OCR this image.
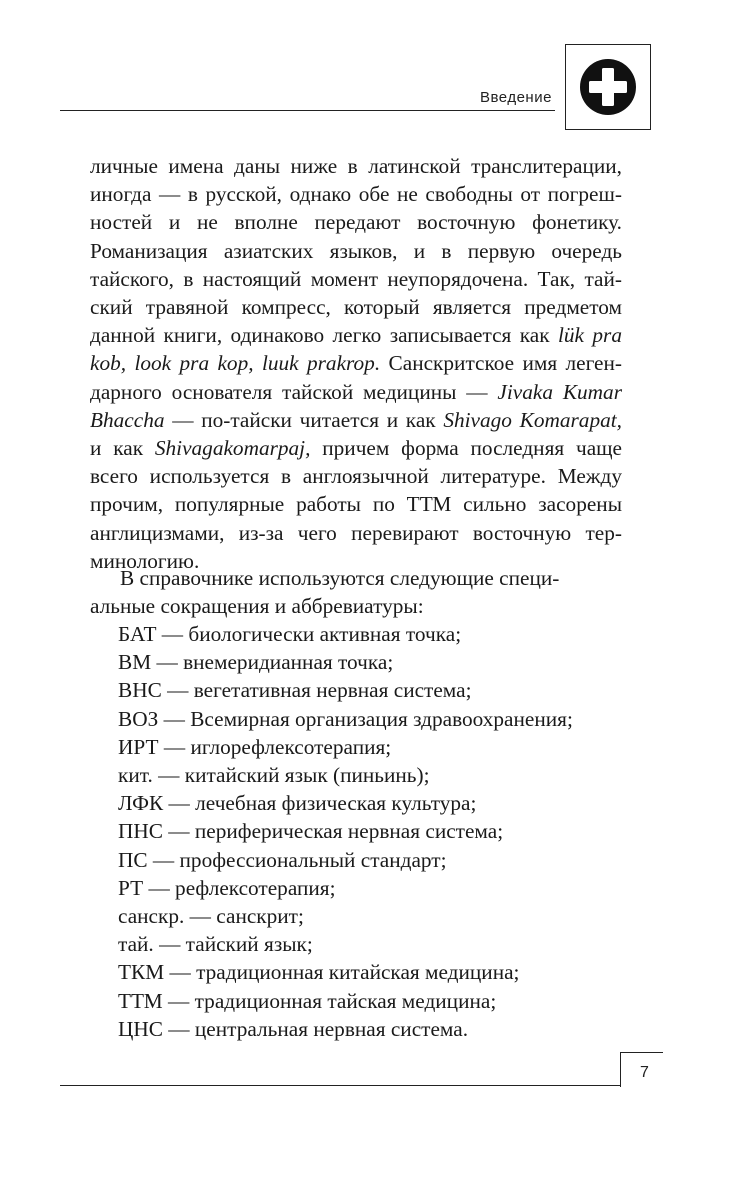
Введение
личные имена даны ниже в латинской транслитерации,
иногда — в русской, однако обе не свободны от погреш-
ностей и не вполне передают восточную фонетику.
Романизация азиатских языков, и в первую очередь
тайского, в настоящий момент неупорядочена. Так, тай-
ский травяной компресс, который является предметом
данной книги, одинаково легко записывается как lük pra
kob, look pra kop, luuk prakrop. Санскритское имя леген-
дарного основателя тайской медицины — Jivaka Kumar
Bhaccha — по-тайски читается и как Shivago Komarapat,
и как Shivagakomarpaj, причем форма последняя чаще
всего используется в англоязычной литературе. Между
прочим, популярные работы по ТТМ сильно засорены
англицизмами, из-за чего перевирают восточную тер-
минологию.
В справочнике используются следующие специ-
альные сокращения и аббревиатуры:
БАТ — биологически активная точка;
ВМ — внемеридианная точка;
ВНС — вегетативная нервная система;
ВОЗ — Всемирная организация здравоохранения;
ИРТ — иглорефлексотерапия;
кит. — китайский язык (пиньинь);
ЛФК — лечебная физическая культура;
ПНС — периферическая нервная система;
ПС — профессиональный стандарт;
РТ — рефлексотерапия;
санскр. — санскрит;
тай. — тайский язык;
ТКМ — традиционная китайская медицина;
ТТМ — традиционная тайская медицина;
ЦНС — центральная нервная система.
7
